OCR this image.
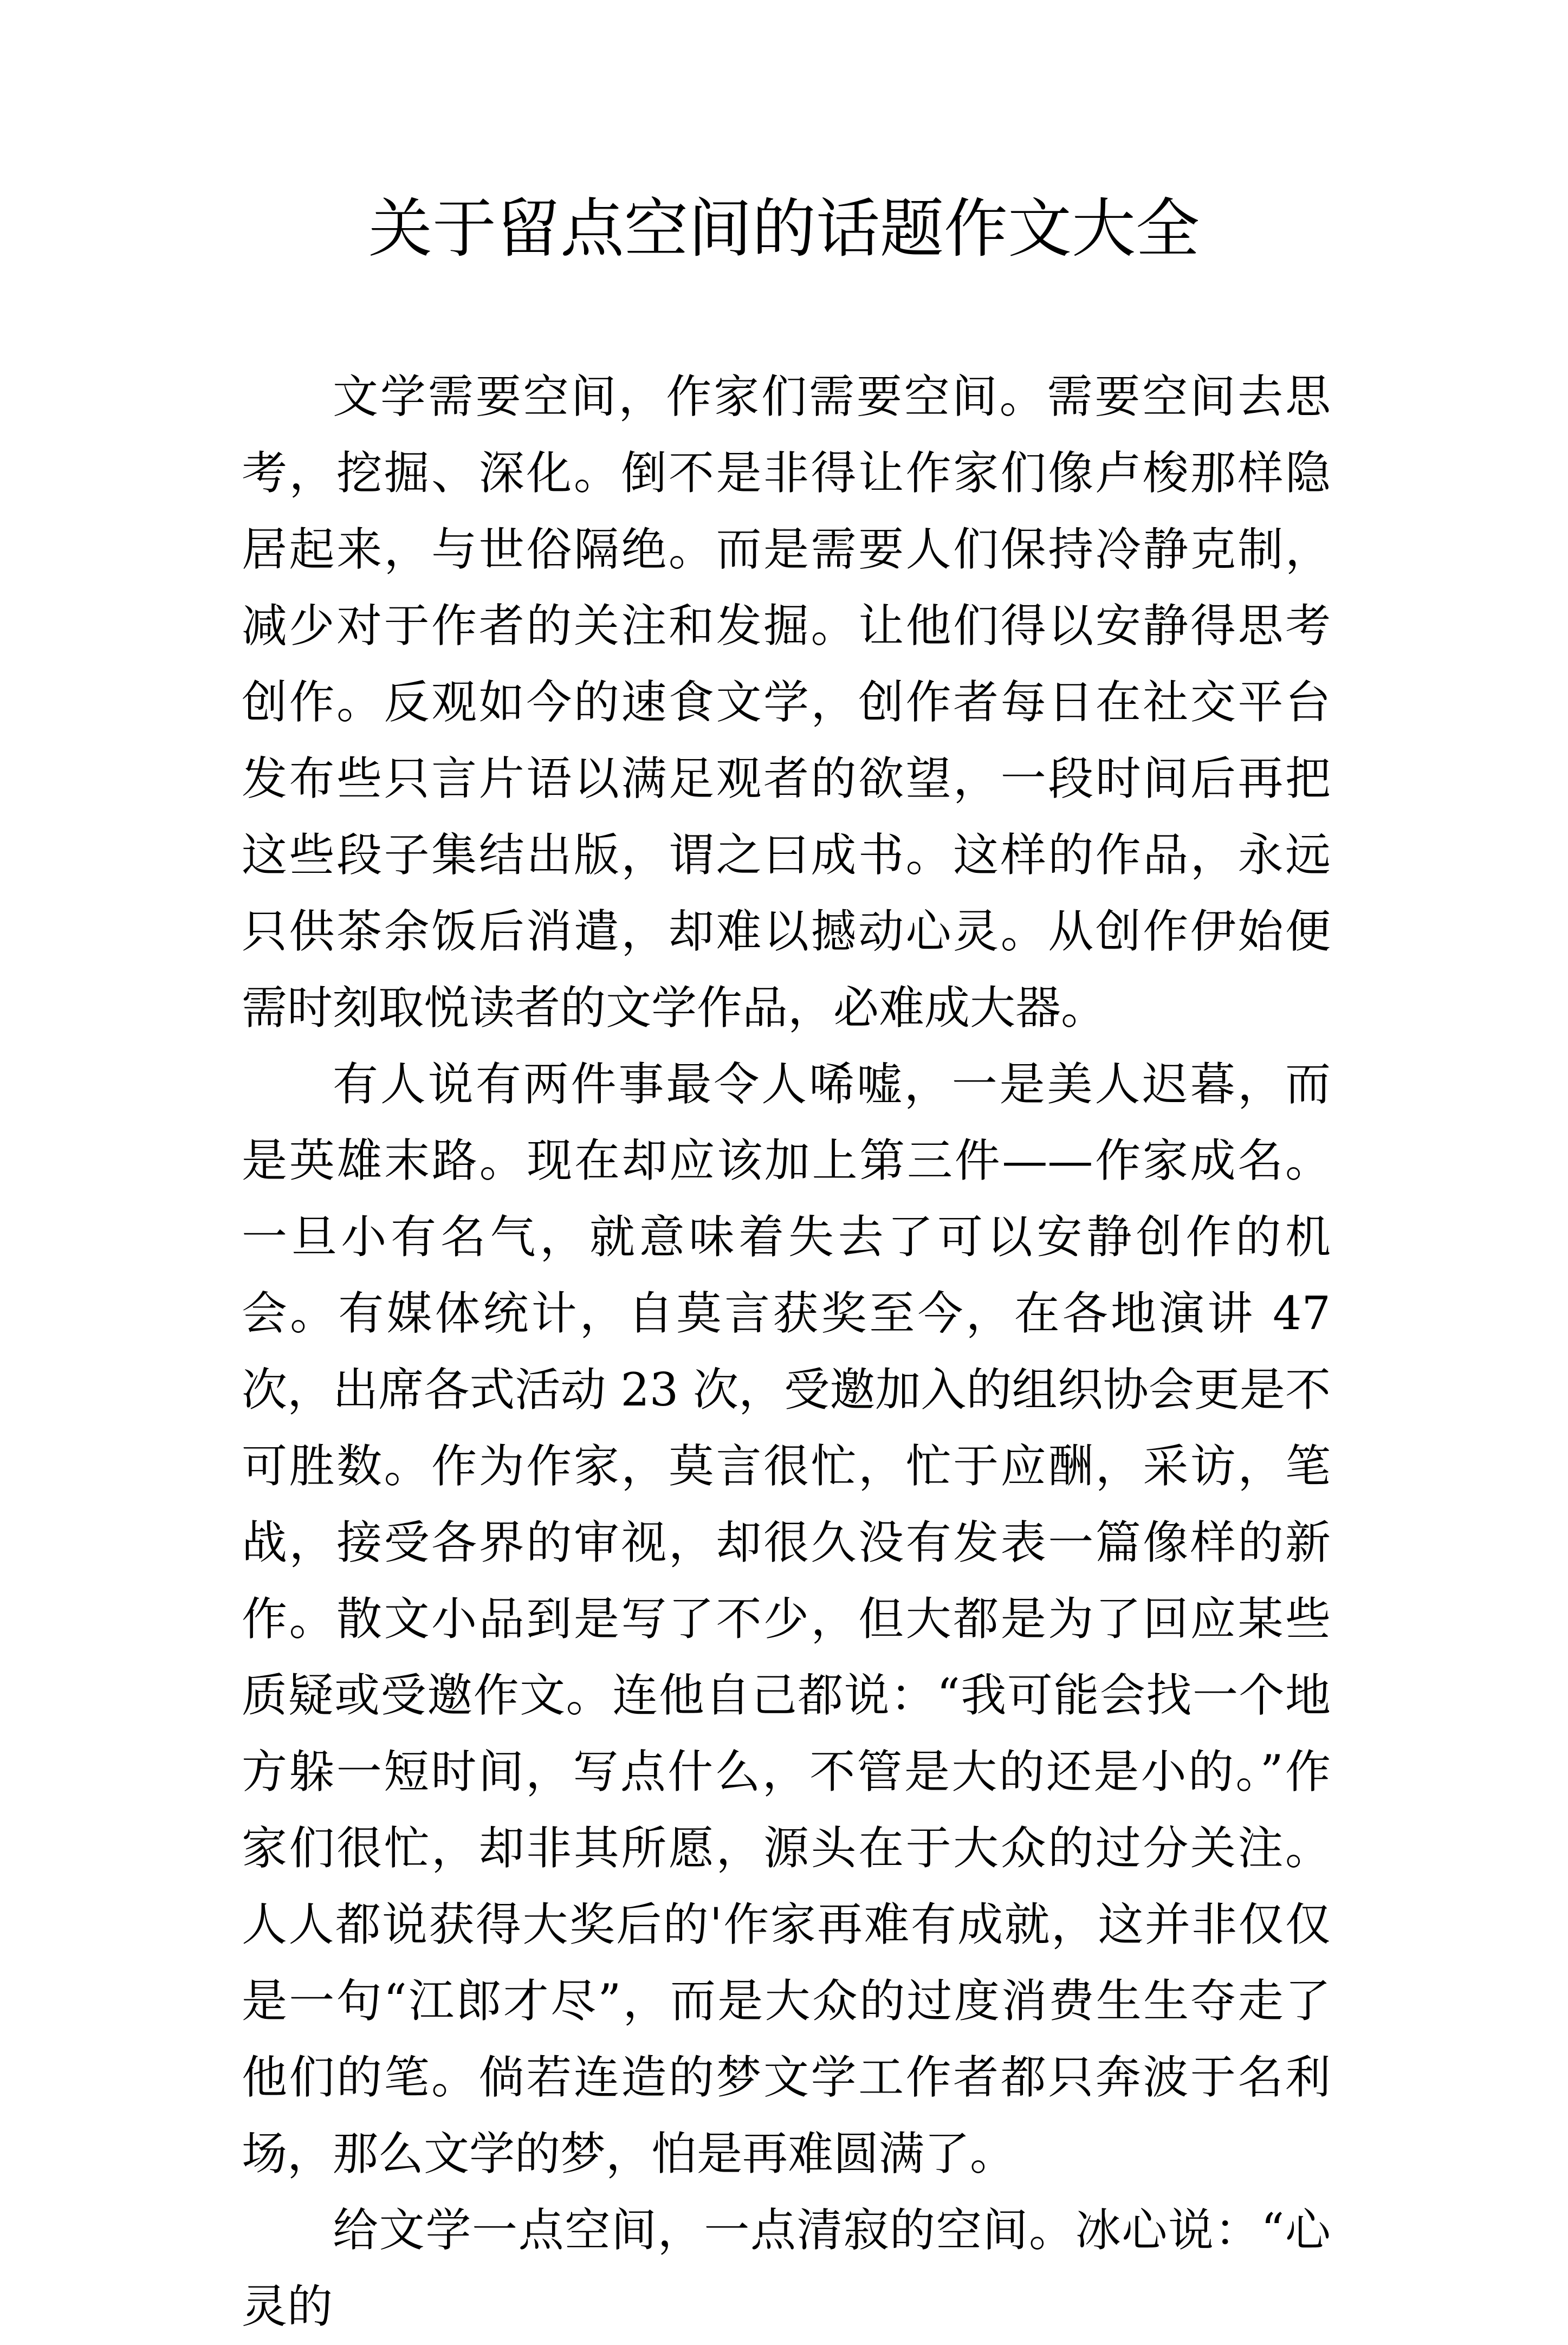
关于留点空间的话题作文大全

文学需要空间，作家们需要空间。需要空间去思考，挖掘、深化。倒不是非得让作家们像卢梭那样隐居起来，与世俗隔绝。而是需要人们保持冷静克制，减少对于作者的关注和发掘。让他们得以安静得思考创作。反观如今的速食文学，创作者每日在社交平台发布些只言片语以满足观者的欲望，一段时间后再把这些段子集结出版，谓之曰成书。这样的作品，永远只供茶余饭后消遣，却难以撼动心灵。从创作伊始便需时刻取悦读者的文学作品，必难成大器。

有人说有两件事最令人唏嘘，一是美人迟暮，而是英雄末路。现在却应该加上第三件——作家成名。一旦小有名气，就意味着失去了可以安静创作的机会。有媒体统计，自莫言获奖至今，在各地演讲 47 次，出席各式活动 23 次，受邀加入的组织协会更是不可胜数。作为作家，莫言很忙，忙于应酬，采访，笔战，接受各界的审视，却很久没有发表一篇像样的新作。散文小品到是写了不少，但大都是为了回应某些质疑或受邀作文。连他自己都说：“我可能会找一个地方躲一短时间，写点什么，不管是大的还是小的。”作家们很忙，却非其所愿，源头在于大众的过分关注。人人都说获得大奖后的'作家再难有成就，这并非仅仅是一句“江郎才尽”，而是大众的过度消费生生夺走了他们的笔。倘若连造的梦文学工作者都只奔波于名利场，那么文学的梦，怕是再难圆满了。

给文学一点空间，一点清寂的空间。冰心说：“心灵的
